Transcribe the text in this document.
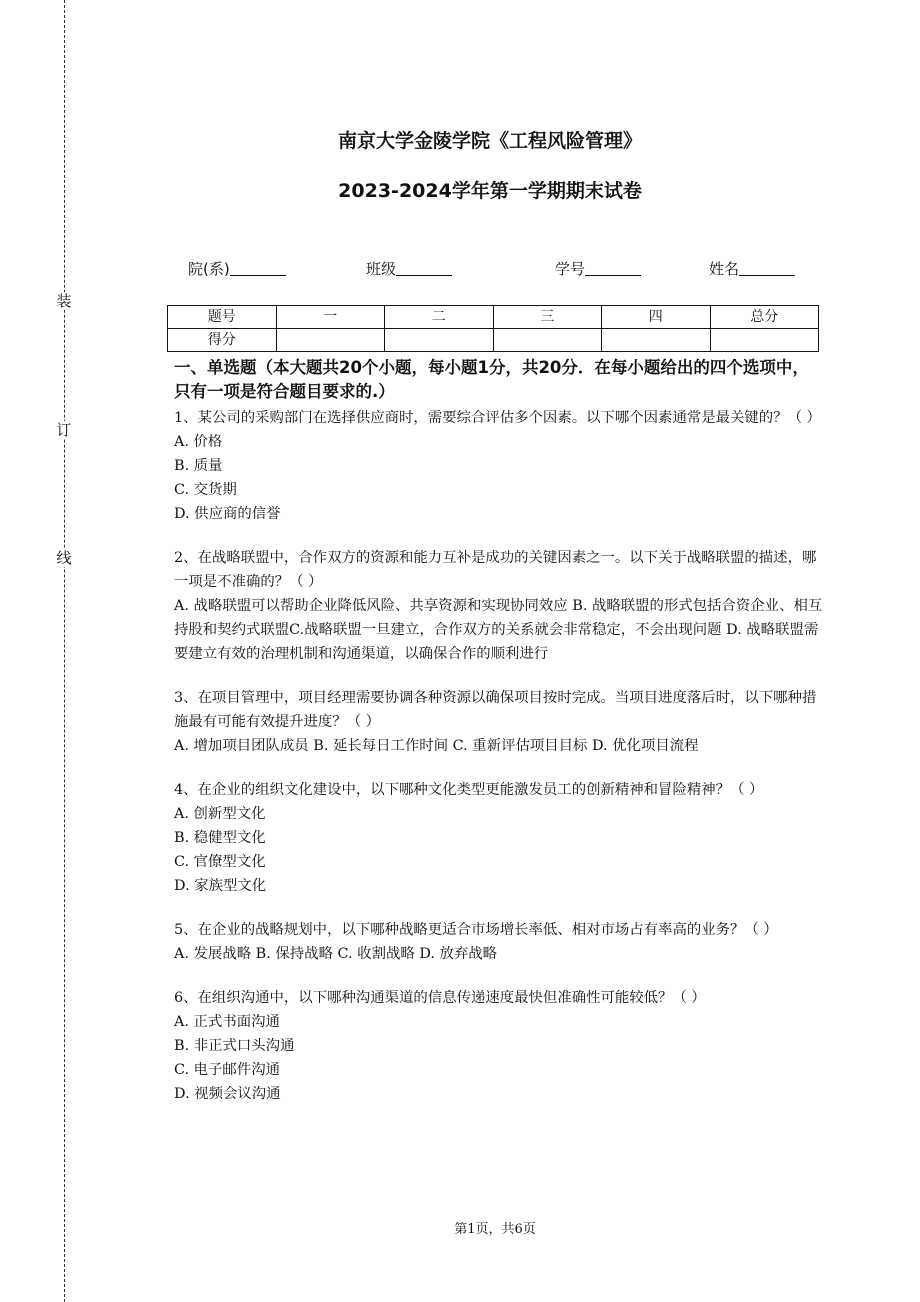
装
订
线
南京大学金陵学院《工程风险管理》
2023-2024学年第一学期期末试卷
院(系)	班级	学号	姓名
题号	一	二	三	四	总分
得分					
一、单选题（本大题共20个小题，每小题1分，共20分．在每小题给出的四个选项中，只有一项是符合题目要求的.）

1、某公司的采购部门在选择供应商时，需要综合评估多个因素。以下哪个因素通常是最关键的？（ ）

A. 价格

B. 质量

C. 交货期

D. 供应商的信誉

2、在战略联盟中，合作双方的资源和能力互补是成功的关键因素之一。以下关于战略联盟的描述，哪一项是不准确的？（ ）

A. 战略联盟可以帮助企业降低风险、共享资源和实现协同效应 B. 战略联盟的形式包括合资企业、相互持股和契约式联盟C.战略联盟一旦建立，合作双方的关系就会非常稳定，不会出现问题 D. 战略联盟需要建立有效的治理机制和沟通渠道，以确保合作的顺利进行

3、在项目管理中，项目经理需要协调各种资源以确保项目按时完成。当项目进度落后时，以下哪种措施最有可能有效提升进度？（ ）

A. 增加项目团队成员 B. 延长每日工作时间 C. 重新评估项目目标 D. 优化项目流程

4、在企业的组织文化建设中，以下哪种文化类型更能激发员工的创新精神和冒险精神？（ ）

A. 创新型文化

B. 稳健型文化

C. 官僚型文化

D. 家族型文化

5、在企业的战略规划中，以下哪种战略更适合市场增长率低、相对市场占有率高的业务？（ ）

A. 发展战略 B. 保持战略 C. 收割战略 D. 放弃战略

6、在组织沟通中，以下哪种沟通渠道的信息传递速度最快但准确性可能较低？（ ）

A. 正式书面沟通

B. 非正式口头沟通

C. 电子邮件沟通

D. 视频会议沟通

第1页，共6页
